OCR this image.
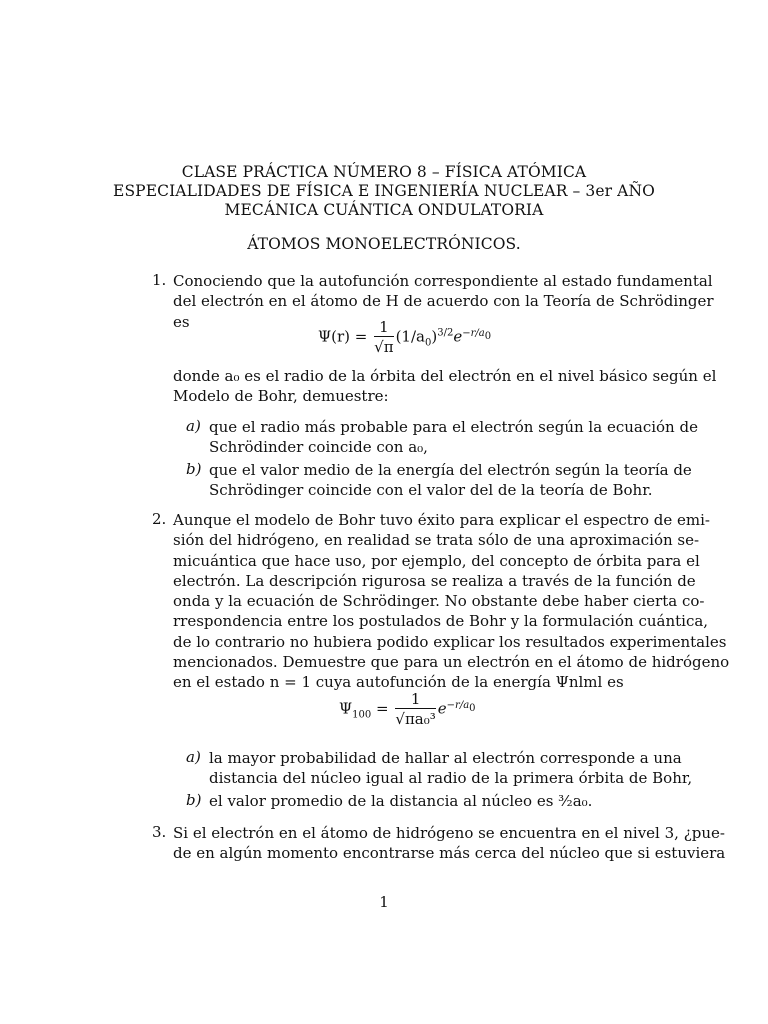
CLASE PRÁCTICA NÚMERO 8 – FÍSICA ATÓMICA
ESPECIALIDADES DE FÍSICA E INGENIERÍA NUCLEAR – 3er AÑO
MECÁNICA CUÁNTICA ONDULATORIA
ÁTOMOS MONOELECTRÓNICOS.
1. Conociendo que la autofunción correspondiente al estado fundamental
del electrón en el átomo de H de acuerdo con la Teoría de Schrödinger
es
$\Psi(r) = \frac{1}{√\pi} (1/a_0)^{3/2}e^{-r/a_0}$
donde a₀ es el radio de la órbita del electrón en el nivel básico según el
Modelo de Bohr, demuestre:
a) que el radio más probable para el electrón según la ecuación de
Schrödinder coincide con a₀,
b) que el valor medio de la energía del electrón según la teoría de
Schrödinger coincide con el valor del de la teoría de Bohr.
2. Aunque el modelo de Bohr tuvo éxito para explicar el espectro de emi-
sión del hidrógeno, en realidad se trata sólo de una aproximación se-
micuántica que hace uso, por ejemplo, del concepto de órbita para el
electrón. La descripción rigurosa se realiza a través de la función de
onda y la ecuación de Schrödinger. No obstante debe haber cierta co-
rrespondencia entre los postulados de Bohr y la formulación cuántica,
de lo contrario no hubiera podido explicar los resultados experimentales
mencionados. Demuestre que para un electrón en el átomo de hidrógeno
en el estado n = 1 cuya autofunción de la energía Ψnlml es
$\Psi_{100} = \frac{1}{\text{√πa₀³}} e^{-r/a_0}$
a) la mayor probabilidad de hallar al electrón corresponde a una
distancia del núcleo igual al radio de la primera órbita de Bohr,
b) el valor promedio de la distancia al núcleo es ³⁄₂a₀.
3. Si el electrón en el átomo de hidrógeno se encuentra en el nivel 3, ¿pue-
de en algún momento encontrarse más cerca del núcleo que si estuviera
1
